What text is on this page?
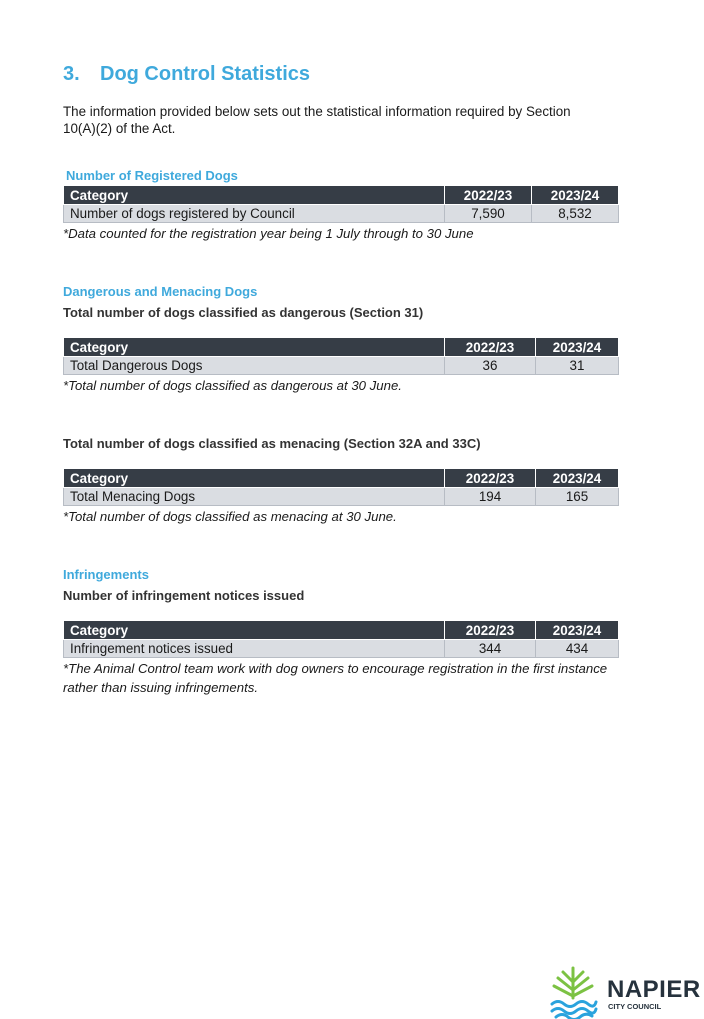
3. Dog Control Statistics

The information provided below sets out the statistical information required by Section 10(A)(2) of the Act.

Number of Registered Dogs
Category	2022/23	2023/24
Number of dogs registered by Council	7,590	8,532
*Data counted for the registration year being 1 July through to 30 June
Dangerous and Menacing Dogs
Total number of dogs classified as dangerous (Section 31)
Category	2022/23	2023/24
Total Dangerous Dogs	36	31
*Total number of dogs classified as dangerous at 30 June.
Total number of dogs classified as menacing (Section 32A and 33C)
Category	2022/23	2023/24
Total Menacing Dogs	194	165
*Total number of dogs classified as menacing at 30 June.
Infringements
Number of infringement notices issued
Category	2022/23	2023/24
Infringement notices issued	344	434
*The Animal Control team work with dog owners to encourage registration in the first instance rather than issuing infringements.
NAPIER
CITY COUNCIL
